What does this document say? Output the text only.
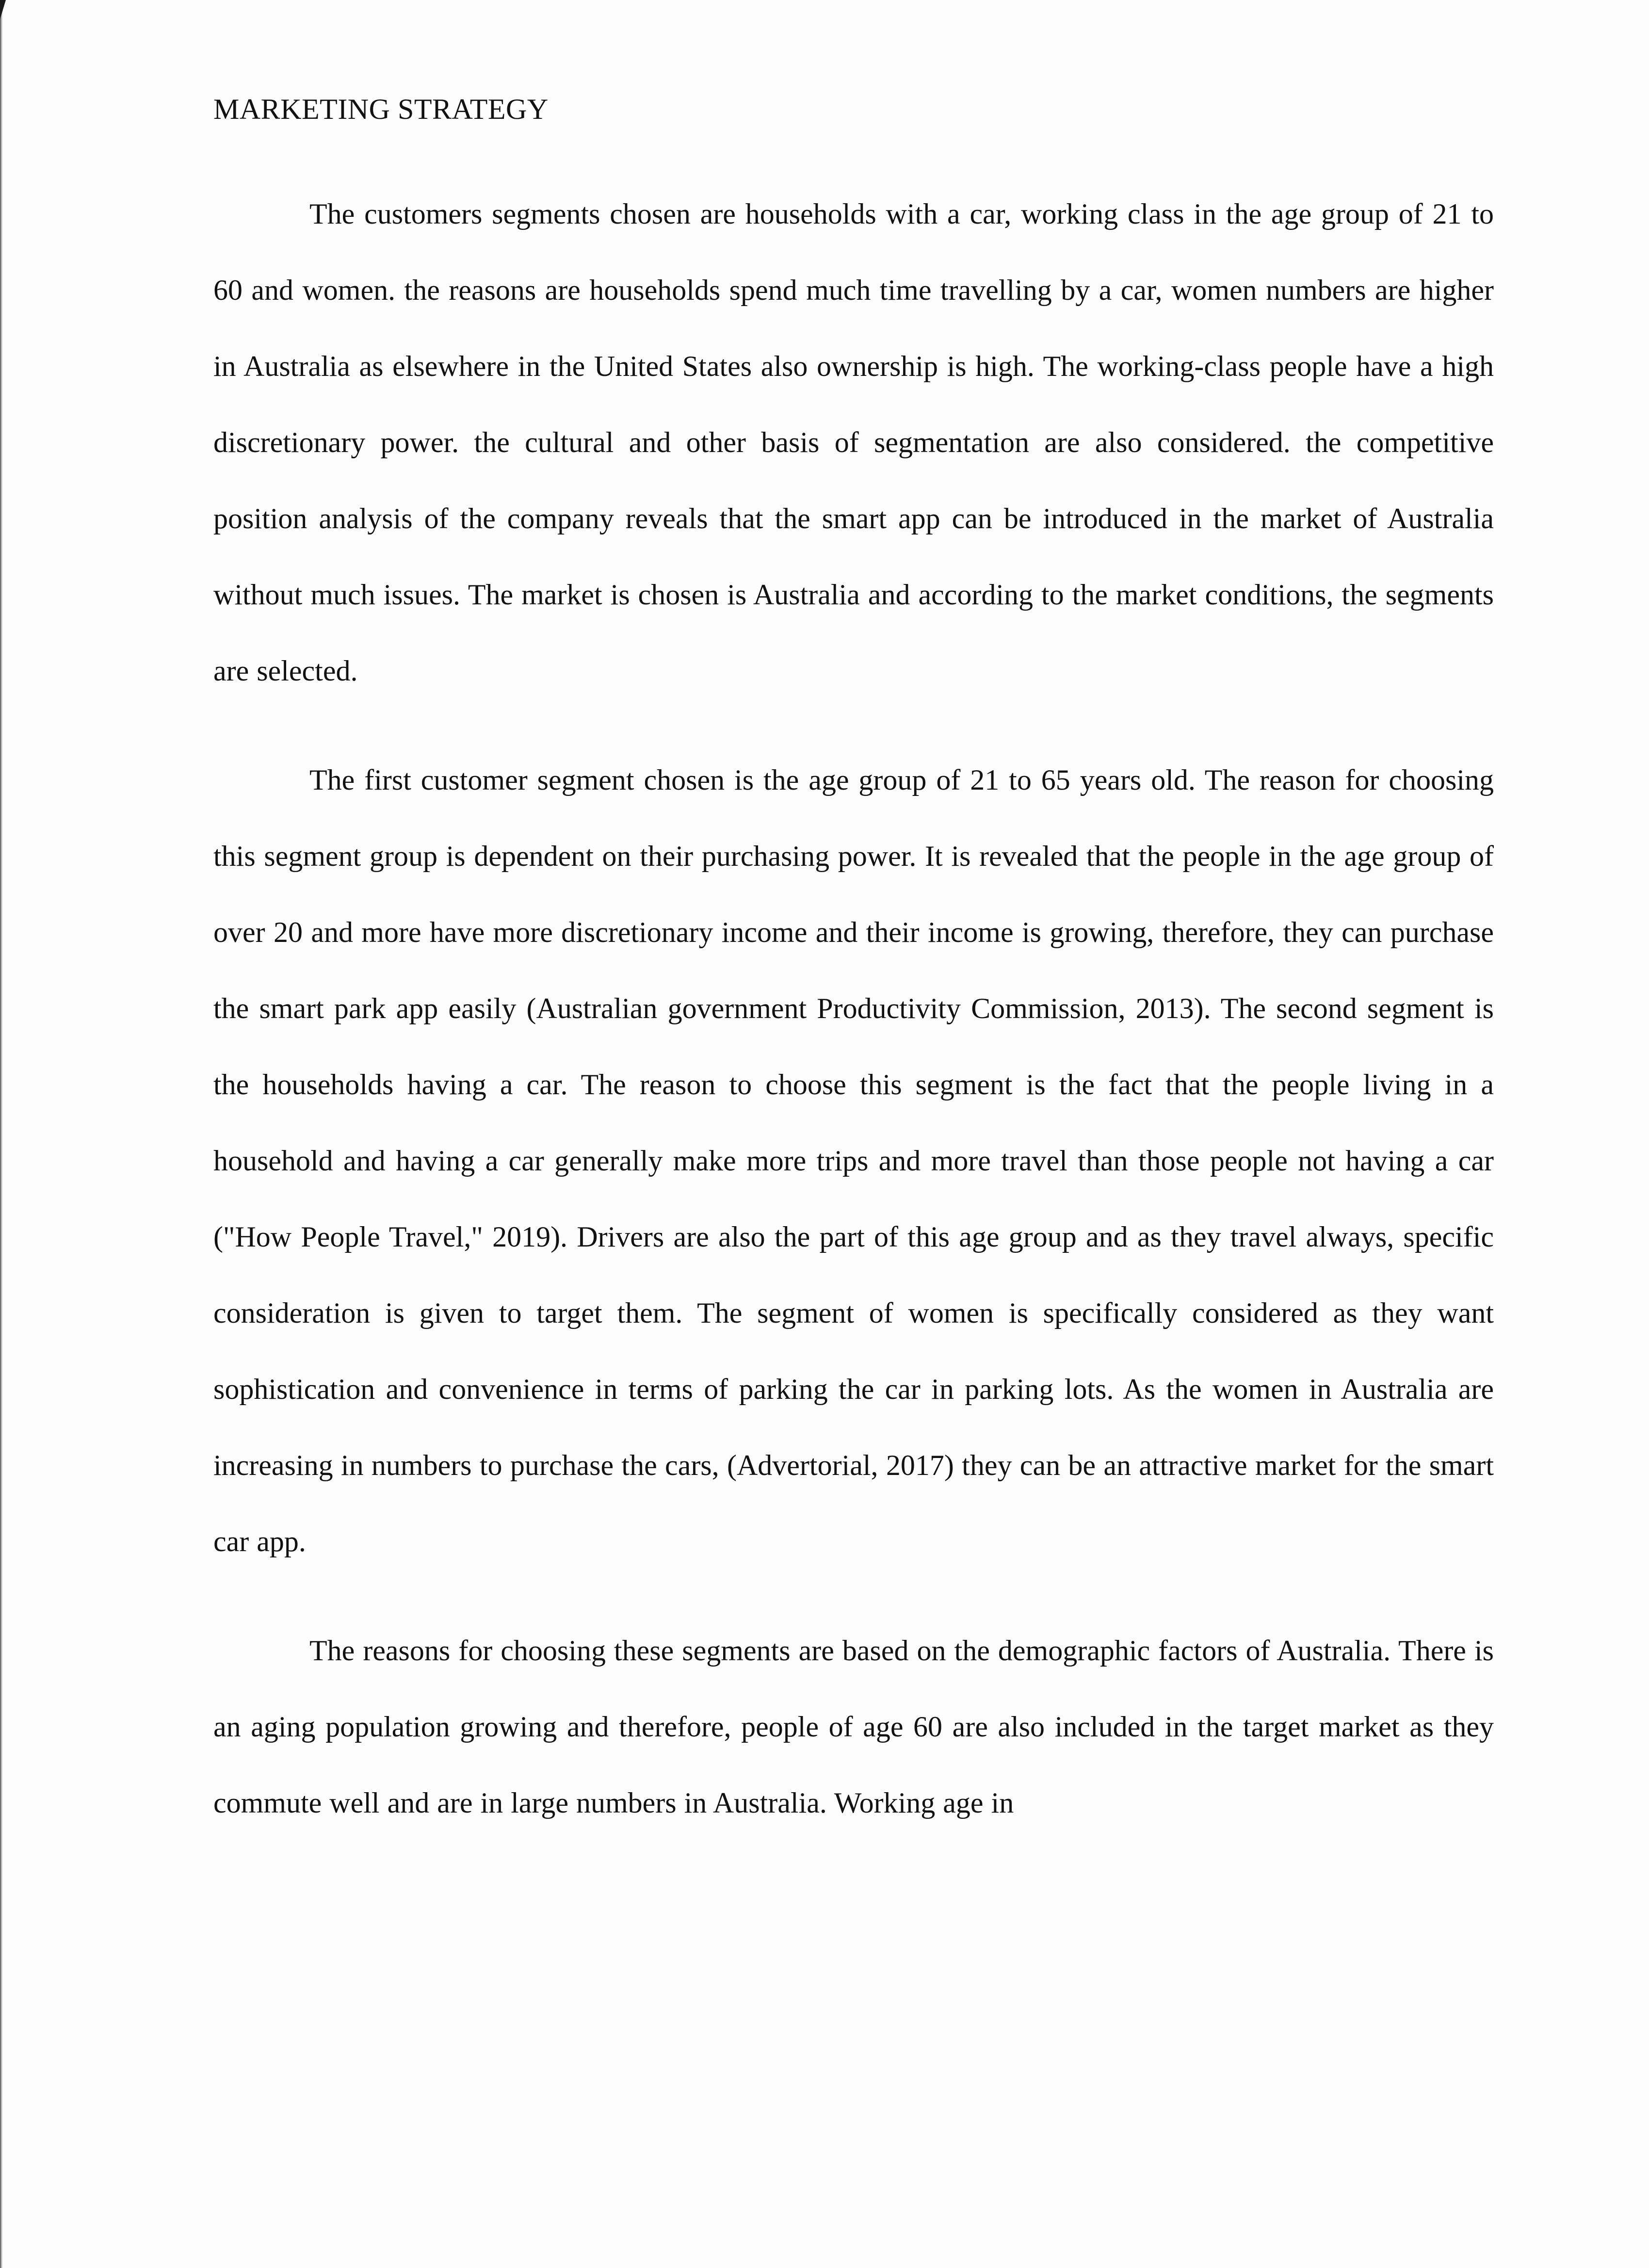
MARKETING STRATEGY

The customers segments chosen are households with a car, working class in the age group of 21 to 60 and women. the reasons are households spend much time travelling by a car, women numbers are higher in Australia as elsewhere in the United States also ownership is high. The working-class people have a high discretionary power. the cultural and other basis of segmentation are also considered. the competitive position analysis of the company reveals that the smart app can be introduced in the market of Australia without much issues. The market is chosen is Australia and according to the market conditions, the segments are selected.

The first customer segment chosen is the age group of 21 to 65 years old. The reason for choosing this segment group is dependent on their purchasing power. It is revealed that the people in the age group of over 20 and more have more discretionary income and their income is growing, therefore, they can purchase the smart park app easily (Australian government Productivity Commission, 2013). The second segment is the households having a car. The reason to choose this segment is the fact that the people living in a household and having a car generally make more trips and more travel than those people not having a car ("How People Travel," 2019). Drivers are also the part of this age group and as they travel always, specific consideration is given to target them. The segment of women is specifically considered as they want sophistication and convenience in terms of parking the car in parking lots. As the women in Australia are increasing in numbers to purchase the cars, (Advertorial, 2017) they can be an attractive market for the smart car app.

The reasons for choosing these segments are based on the demographic factors of Australia. There is an aging population growing and therefore, people of age 60 are also included in the target market as they commute well and are in large numbers in Australia. Working age in
